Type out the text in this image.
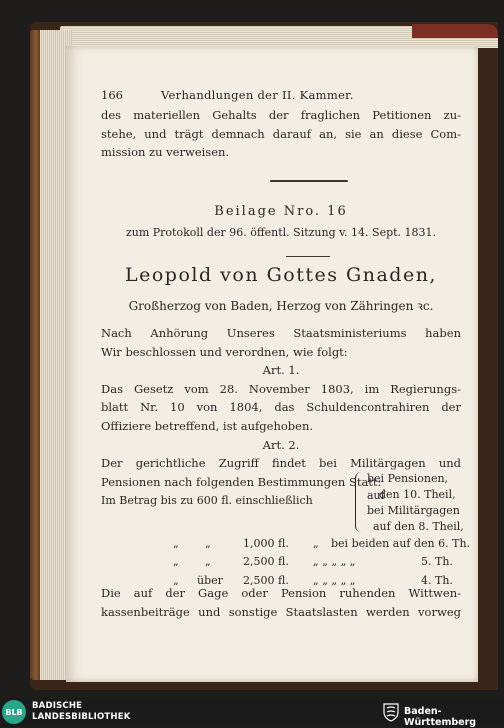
166	Verhandlungen der II. Kammer.
des materiellen Gehalts der fraglichen Petitionen zu-
stehe, und trägt demnach darauf an, sie an diese Com-
mission zu verweisen.
Beilage Nro. 16
zum Protokoll der 96. öffentl. Sitzung v. 14. Sept. 1831.
Leopold von Gottes Gnaden,
Großherzog von Baden, Herzog von Zähringen ꝛc.
Nach Anhörung Unseres Staatsministeriums haben
Wir beschlossen und verordnen, wie folgt:
Art. 1.
Das Gesetz vom 28. November 1803, im Regierungs-
blatt Nr. 10 von 1804, das Schuldencontrahiren der
Offiziere betreffend, ist aufgehoben.
Art. 2.
Der gerichtliche Zugriff findet bei Militärgagen und
Pensionen nach folgenden Bestimmungen Statt:
Im Betrag bis zu 600 fl. einschließlich
bei Pensionen, auf
den 10. Theil,
bei Militärgagen
auf den 8. Theil,
„ „	1,000 fl. „ bei beiden auf den 6. Th.
„ „	2,500 fl. „ „ „ „ „	5. Th.
„ über 2,500 fl. „ „ „ „ „	4. Th.
Die auf der Gage oder Pension ruhenden Wittwen-
kassenbeiträge und sonstige Staatslasten werden vorweg
BLB
BADISCHE
LANDESBIBLIOTHEK	Baden-Württemberg
